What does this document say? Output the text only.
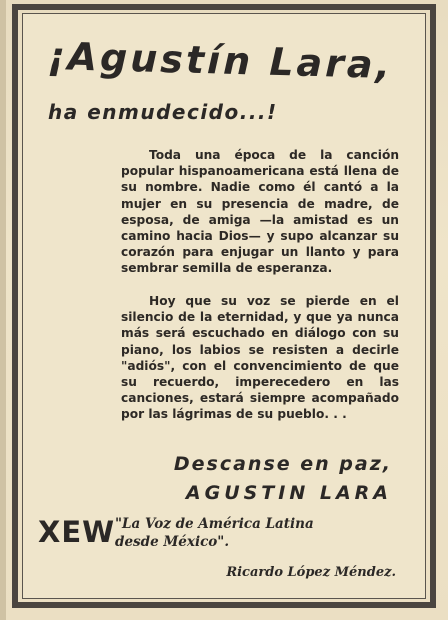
¡Agustín Lara,
ha enmudecido...!

Toda una época de la canción popular hispanoamericana está llena de su nombre. Nadie como él cantó a la mujer en su presencia de madre, de esposa, de amiga —la amistad es un camino hacia Dios— y supo alcanzar su corazón para enjugar un llanto y para sembrar semilla de esperanza.

Hoy que su voz se pierde en el silencio de la eternidad, y que ya nunca más será escuchado en diálogo con su piano, los labios se resisten a decirle "adiós", con el convencimiento de que su recuerdo, imperecedero en las canciones, estará siempre acompañado por las lágrimas de su pueblo. . .

Descanse en paz,
AGUSTIN LARA
XEW "La Voz de América Latina
desde México".
Ricardo López Méndez.
